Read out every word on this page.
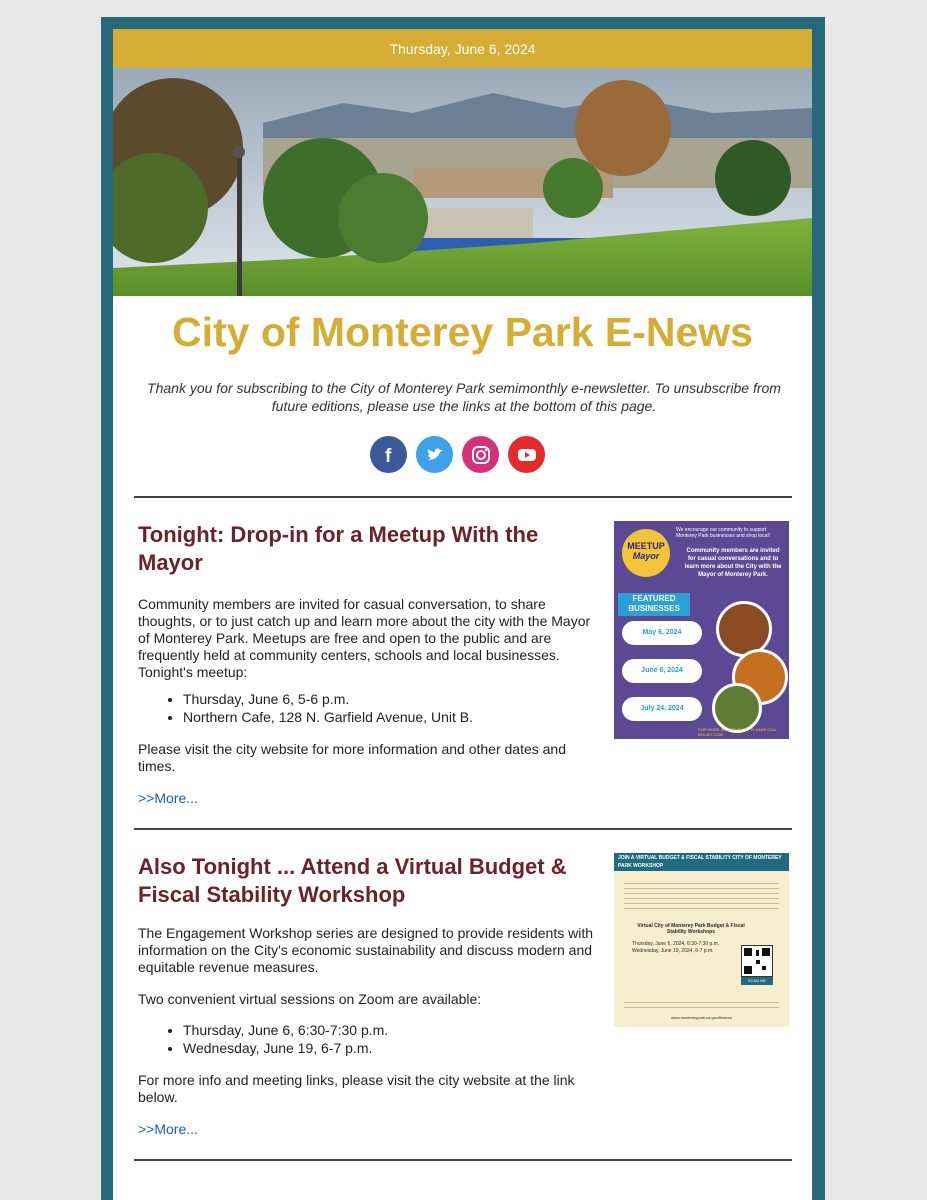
Thursday, June 6, 2024
City of Monterey Park E-News

Thank you for subscribing to the City of Monterey Park semimonthly e-newsletter. To unsubscribe from future editions, please use the links at the bottom of this page.

f
Tonight: Drop-in for a Meetup With the Mayor

Community members are invited for casual conversation, to share thoughts, or to just catch up and learn more about the city with the Mayor of Monterey Park. Meetups are free and open to the public and are frequently held at community centers, schools and local businesses. Tonight's meetup:

• Thursday, June 6, 5-6 p.m.
• Northern Cafe, 128 N. Garfield Avenue, Unit B.

Please visit the city website for more information and other dates and times.

>>More...
MEETUP
Mayor
We encourage our community to support Monterey Park businesses and shop local!
Community members are invited for casual conversations and to learn more about the City with the Mayor of Monterey Park.
FEATURED BUSINESSES
May 6, 2024
June 6, 2024
July 24, 2024
FOR MORE INFORMATION, PLEASE CALL 626-307-1359
Also Tonight ... Attend a Virtual Budget & Fiscal Stability Workshop

The Engagement Workshop series are designed to provide residents with information on the City's economic sustainability and discuss modern and equitable revenue measures.

Two convenient virtual sessions on Zoom are available:

• Thursday, June 6, 6:30-7:30 p.m.
• Wednesday, June 19, 6-7 p.m.

For more info and meeting links, please visit the city website at the link below.

>>More...
JOIN A VIRTUAL BUDGET & FISCAL STABILITY CITY OF MONTEREY PARK WORKSHOP
Virtual City of Monterey Park Budget & Fiscal Stability Workshops
Thursday, June 6, 2024, 6:30-7:30 p.m.
Wednesday, June 19, 2024, 6-7 p.m.
SCAN ME
www.montereypark.ca.gov/finance
